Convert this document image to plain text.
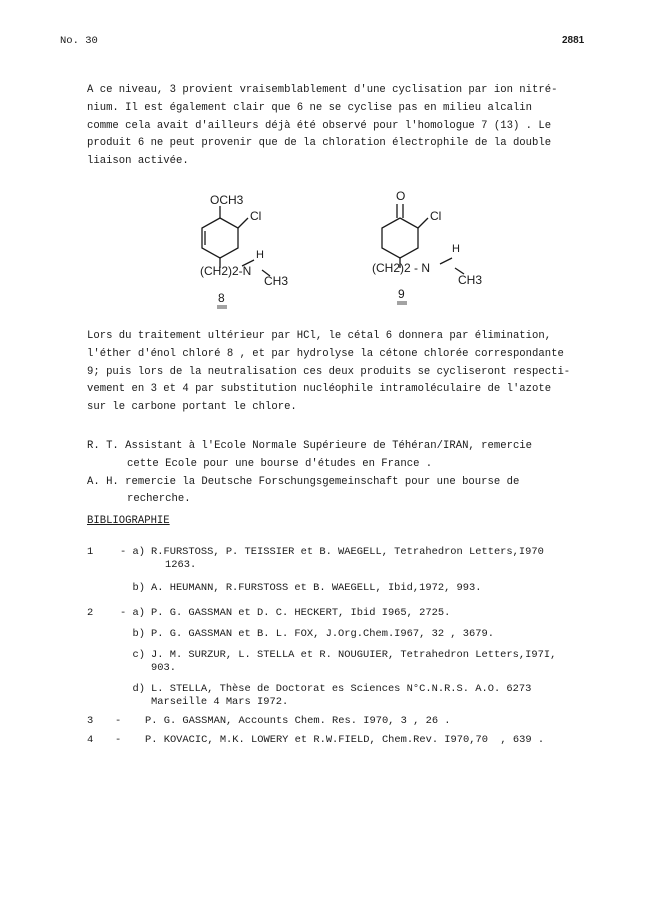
No. 30	2881
A ce niveau, 3 provient vraisemblablement d'une cyclisation par ion nitré-
nium. Il est également clair que 6 ne se cyclise pas en milieu alcalin
comme cela avait d'ailleurs déjà été observé pour l'homologue 7 (13) . Le
produit 6 ne peut provenir que de la chloration électrophile de la double
liaison activée.
OCH3
Cl
H
(CH2)2-N
CH3
8
O
Cl
H
(CH2)2 - N
CH3
9
Lors du traitement ultérieur par HCl, le cétal 6 donnera par élimination,
l'éther d'énol chloré 8 , et par hydrolyse la cétone chlorée correspondante
9; puis lors de la neutralisation ces deux produits se cycliseront respecti-
vement en 3 et 4 par substitution nucléophile intramoléculaire de l'azote
sur le carbone portant le chlore.
R. T. Assistant à l'Ecole Normale Supérieure de Téhéran/IRAN, remercie
cette Ecole pour une bourse d'études en France .
A. H. remercie la Deutsche Forschungsgemeinschaft pour une bourse de
recherche.
BIBLIOGRAPHIE
1	- a) R.FURSTOSS, P. TEISSIER et B. WAEGELL, Tetrahedron Letters,I970
1263.
b) A. HEUMANN, R.FURSTOSS et B. WAEGELL, Ibid,1972, 993.
2	- a) P. G. GASSMAN et D. C. HECKERT, Ibid I965, 2725.
b) P. G. GASSMAN et B. L. FOX, J.Org.Chem.I967, 32 , 3679.
c) J. M. SURZUR, L. STELLA et R. NOUGUIER, Tetrahedron Letters,I97I,
903.
d) L. STELLA, Thèse de Doctorat es Sciences N°C.N.R.S. A.O. 6273
Marseille 4 Mars I972.
3	-	P. G. GASSMAN, Accounts Chem. Res. I970, 3 , 26 .
4	-	P. KOVACIC, M.K. LOWERY et R.W.FIELD, Chem.Rev. I970,70  , 639 .
